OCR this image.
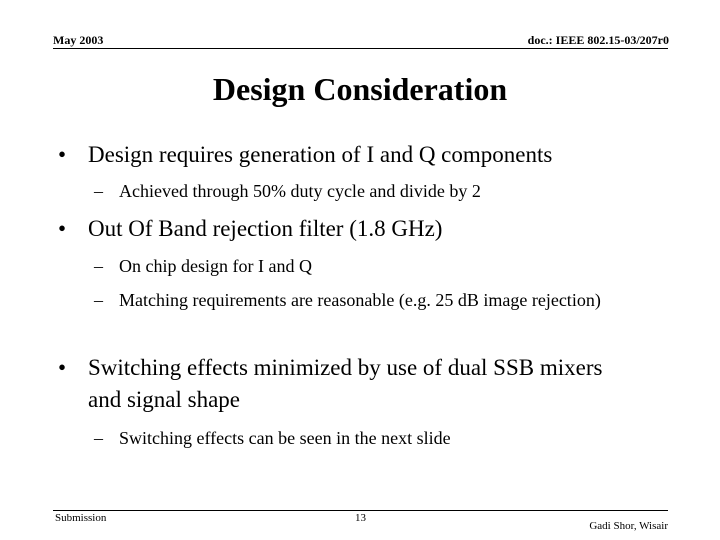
May 2003	doc.: IEEE 802.15-03/207r0
Design Consideration
• Design requires generation of I and Q components
– Achieved through 50% duty cycle and divide by 2
• Out Of Band rejection filter (1.8 GHz)
– On chip design for I and Q
– Matching requirements are reasonable (e.g. 25 dB image rejection)
• Switching effects minimized by use of dual SSB mixers and signal shape
– Switching effects can be seen in the next slide
Submission	13
Gadi Shor, Wisair
